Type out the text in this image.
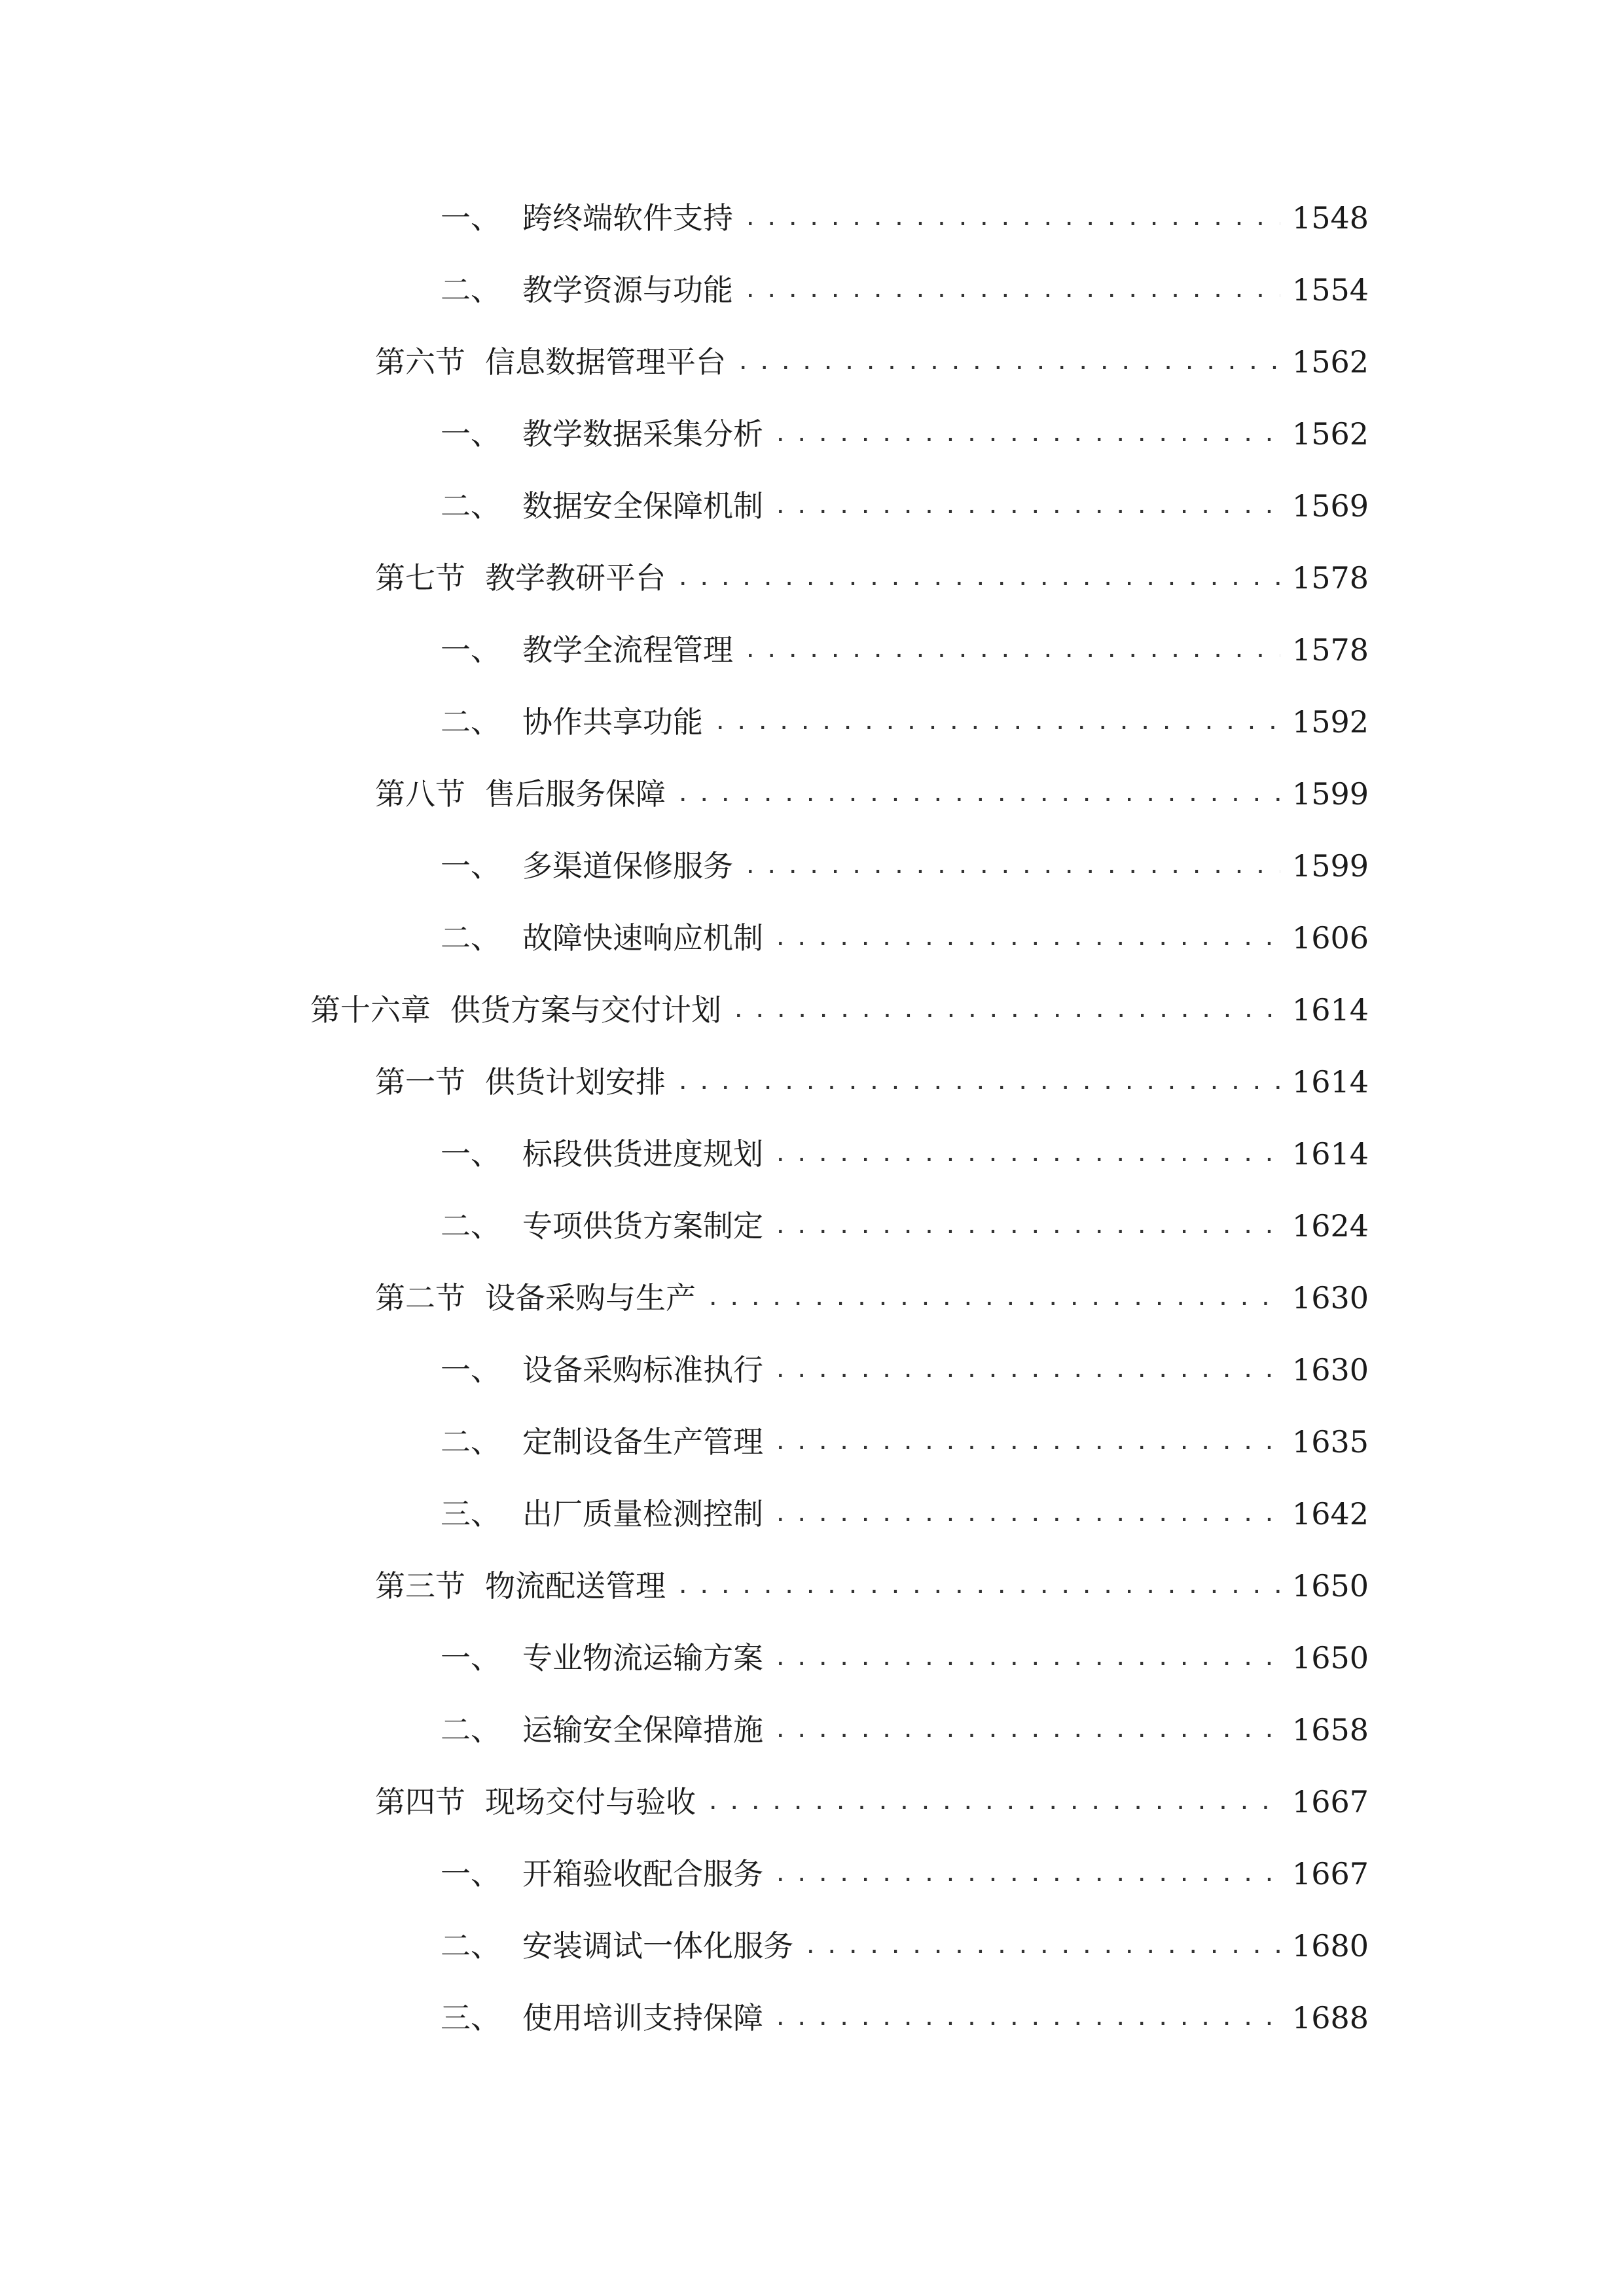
一、 跨终端软件支持 .....	1548
二、 教学资源与功能 .....	1554
第六节 信息数据管理平台 .....	1562
一、 教学数据采集分析 .....	1562
二、 数据安全保障机制 .....	1569
第七节 教学教研平台 .....	1578
一、 教学全流程管理 .....	1578
二、 协作共享功能 .....	1592
第八节 售后服务保障 .....	1599
一、 多渠道保修服务 .....	1599
二、 故障快速响应机制 .....	1606
第十六章 供货方案与交付计划 .....	1614
第一节 供货计划安排 .....	1614
一、 标段供货进度规划 .....	1614
二、 专项供货方案制定 .....	1624
第二节 设备采购与生产 .....	1630
一、 设备采购标准执行 .....	1630
二、 定制设备生产管理 .....	1635
三、 出厂质量检测控制 .....	1642
第三节 物流配送管理 .....	1650
一、 专业物流运输方案 .....	1650
二、 运输安全保障措施 .....	1658
第四节 现场交付与验收 .....	1667
一、 开箱验收配合服务 .....	1667
二、 安装调试一体化服务 .....	1680
三、 使用培训支持保障 .....	1688
